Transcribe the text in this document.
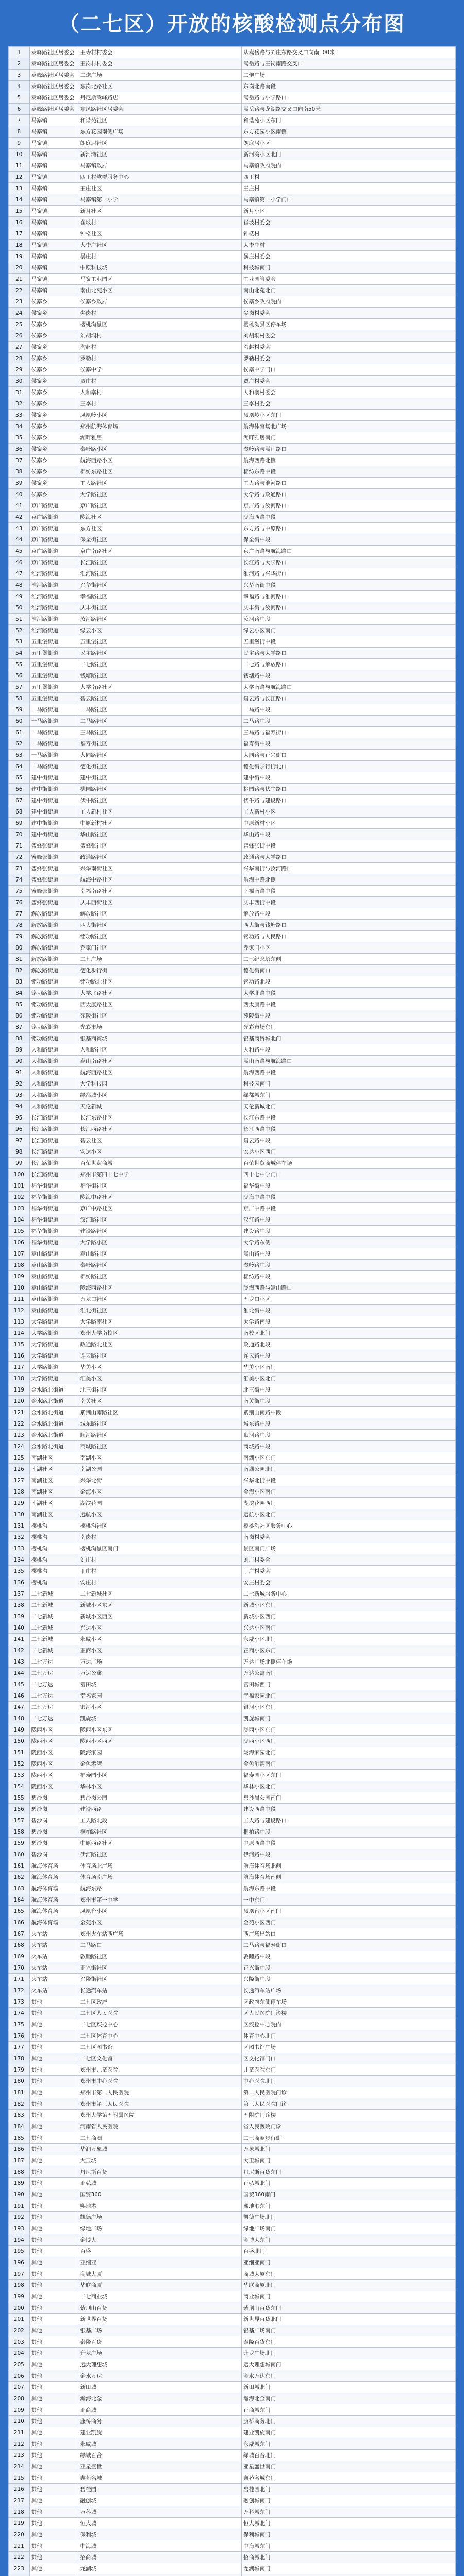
（二七区）开放的核酸检测点分布图
1	嵩峰路社区居委会	王寺村村委会	从嵩岳路与刘庄东路交叉口向南100米
2	嵩峰路社区居委会	王岗村村委会	嵩岳路与王岗南路交叉口
3	嵩峰路社区居委会	二炮广场	二炮广场
4	嵩峰路社区居委会	东岗北路社区	东岗北路南段
5	嵩峰路社区居委会	丹尼斯嵩峰路店	嵩岳路与小学路口
6	嵩峰路社区居委会	东风路社区居委会	嵩岳路与龙湖路交叉口向南50米
7	马寨镇	和谐苑社区	和谐苑小区东门
8	马寨镇	东方花园南侧广场	东方花园小区南侧
9	马寨镇	朗庭居社区	朗庭居小区
10	马寨镇	新河湾社区	新河湾小区北门
11	马寨镇	马寨镇政府	马寨镇政府院内
12	马寨镇	四王村党群服务中心	四王村
13	马寨镇	王庄社区	王庄村
14	马寨镇	马寨镇第一小学	马寨镇第一小学门口
15	马寨镇	新月社区	新月小区
16	马寨镇	崔坡村	崔坡村委会
17	马寨镇	钟楼社区	钟楼村
18	马寨镇	大李庄社区	大李庄村
19	马寨镇	暴庄村	暴庄村委会
20	马寨镇	中原科技城	科技城南门
21	马寨镇	马寨工业园区	工业园管委会
22	马寨镇	南山北苑小区	南山北苑北门
23	侯寨乡	侯寨乡政府	侯寨乡政府院内
24	侯寨乡	尖岗村	尖岗村委会
25	侯寨乡	樱桃沟景区	樱桃沟景区停车场
26	侯寨乡	刘胡垌村	刘胡垌村委会
27	侯寨乡	沟赵村	沟赵村委会
28	侯寨乡	罗勒村	罗勒村委会
29	侯寨乡	侯寨中学	侯寨中学门口
30	侯寨乡	贾庄村	贾庄村委会
31	侯寨乡	人和寨村	人和寨村委会
32	侯寨乡	三李村	三李村委会
33	侯寨乡	凤凰岭小区	凤凰岭小区东门
34	侯寨乡	郑州航海体育场	航海体育场北广场
35	侯寨乡	湖畔雅居	湖畔雅居南门
36	侯寨乡	秦岭路小区	秦岭路与嵩山路口
37	侯寨乡	航海西路小区	航海西路北侧
38	侯寨乡	棉纺东路社区	棉纺东路中段
39	侯寨乡	工人路社区	工人路与淮河路口
40	侯寨乡	大学路社区	大学路与政通路口
41	京广路街道	京广路社区	京广路与汝河路口
42	京广路街道	陇海社区	陇海西路中段
43	京广路街道	东方社区	东方路与中原路口
44	京广路街道	保全街社区	保全街中段
45	京广路街道	京广南路社区	京广南路与航海路口
46	京广路街道	长江路社区	长江路与大学路口
47	淮河路街道	淮河路社区	淮河路与兴华街口
48	淮河路街道	兴华街社区	兴华南街中段
49	淮河路街道	幸福路社区	幸福路与淮河路口
50	淮河路街道	庆丰街社区	庆丰街与汝河路口
51	淮河路街道	汝河路社区	汝河路中段
52	淮河路街道	绿云小区	绿云小区南门
53	五里堡街道	五里堡社区	五里堡街中段
54	五里堡街道	民主路社区	民主路与大学路口
55	五里堡街道	二七路社区	二七路与解放路口
56	五里堡街道	钱塘路社区	钱塘路中段
57	五里堡街道	大学南路社区	大学南路与航海路口
58	五里堡街道	碧云路社区	碧云路与长江路口
59	一马路街道	一马路社区	一马路中段
60	一马路街道	二马路社区	二马路中段
61	一马路街道	三马路社区	三马路与福寿街口
62	一马路街道	福寿街社区	福寿街中段
63	一马路街道	大同路社区	大同路与正兴街口
64	一马路街道	德化街社区	德化街步行街北口
65	建中街街道	建中街社区	建中街中段
66	建中街街道	桃园路社区	桃园路与伏牛路口
67	建中街街道	伏牛路社区	伏牛路与建设路口
68	建中街街道	工人新村社区	工人新村小区
69	建中街街道	中原新村社区	中原新村小区
70	建中街街道	华山路社区	华山路中段
71	蜜蜂张街道	蜜蜂张社区	蜜蜂张街中段
72	蜜蜂张街道	政通路社区	政通路与大学路口
73	蜜蜂张街道	兴华南街社区	兴华南街与汝河路口
74	蜜蜂张街道	航海中路社区	航海中路北侧
75	蜜蜂张街道	幸福南路社区	幸福南路中段
76	蜜蜂张街道	庆丰西街社区	庆丰西街中段
77	解放路街道	解放路社区	解放路中段
78	解放路街道	西大街社区	西大街与钱塘路口
79	解放路街道	铭功路社区	铭功路与人民路口
80	解放路街道	乔家门社区	乔家门小区
81	解放路街道	二七广场	二七纪念塔东侧
82	解放路街道	德化步行街	德化街南口
83	铭功路街道	铭功路北社区	铭功路北段
84	铭功路街道	大学北路社区	大学北路中段
85	铭功路街道	西太康路社区	西太康路中段
86	铭功路街道	苑陵街社区	苑陵街中段
87	铭功路街道	光彩市场	光彩市场东门
88	铭功路街道	银基商贸城	银基商贸城北门
89	人和路街道	人和路社区	人和路中段
90	人和路街道	嵩山南路社区	嵩山南路与航海路口
91	人和路街道	航海西路社区	航海西路中段
92	人和路街道	大学科技园	科技园南门
93	人和路街道	绿都城小区	绿都城东门
94	人和路街道	天伦新城	天伦新城北门
95	长江路街道	长江东路社区	长江东路中段
96	长江路街道	长江西路社区	长江西路中段
97	长江路街道	碧云社区	碧云路中段
98	长江路街道	宏达小区	宏达小区西门
99	长江路街道	百荣世贸商城	百荣世贸商城停车场
100	长江路街道	郑州市第四十七中学	四十七中学门口
101	福华街街道	福华街社区	福华街中段
102	福华街街道	陇海中路社区	陇海中路中段
103	福华街街道	京广中路社区	京广中路中段
104	福华街街道	汉江路社区	汉江路中段
105	福华街街道	建设路社区	建设路中段
106	福华街街道	大学路小区	大学路东侧
107	嵩山路街道	嵩山路社区	嵩山路中段
108	嵩山路街道	秦岭路社区	秦岭路中段
109	嵩山路街道	棉纺路社区	棉纺路中段
110	嵩山路街道	陇海西路社区	陇海西路与嵩山路口
111	嵩山路街道	五龙口社区	五龙口小区
112	嵩山路街道	淮北街社区	淮北街中段
113	大学路街道	大学路南社区	大学路南段
114	大学路街道	郑州大学南校区	南校区北门
115	大学路街道	政通路北社区	政通路北段
116	大学路街道	连云路社区	连云路中段
117	大学路街道	华美小区	华美小区南门
118	大学路街道	汇美小区	汇美小区北门
119	金水路北街道	北三街社区	北三街中段
120	金水路北街道	南关社区	南关街中段
121	金水路北街道	紫荆山南路社区	紫荆山南路中段
122	金水路北街道	城东路社区	城东路中段
123	金水路北街道	顺河路社区	顺河路中段
124	金水路北街道	商城路社区	商城路中段
125	南湖社区	南湖小区	南湖小区东门
126	南湖社区	南湖公园	南湖公园北门
127	南湖社区	兴华北街	兴华北街中段
128	南湖社区	金海小区	金海小区南门
129	南湖社区	湖滨花园	湖滨花园西门
130	南湖社区	远航小区	远航小区北门
131	樱桃沟	樱桃沟社区	樱桃沟社区服务中心
132	樱桃沟	南岗村	南岗村委会
133	樱桃沟	樱桃沟景区南门	景区南门广场
134	樱桃沟	刘庄村	刘庄村委会
135	樱桃沟	丁庄村	丁庄村委会
136	樱桃沟	安庄村	安庄村委会
137	二七新城	二七新城社区	二七新城服务中心
138	二七新城	新城小区东区	新城小区东门
139	二七新城	新城小区西区	新城小区西门
140	二七新城	兴达小区	兴达小区南门
141	二七新城	永威小区	永威小区北门
142	二七新城	正商小区	正商小区东门
143	二七万达	万达广场	万达广场北侧停车场
144	二七万达	万达公寓	万达公寓南门
145	二七万达	富田城	富田城西门
146	二七万达	幸福家园	幸福家园北门
147	二七万达	银河小区	银河小区东门
148	二七万达	凯旋城	凯旋城南门
149	陇西小区	陇西小区东区	陇西小区东门
150	陇西小区	陇西小区西区	陇西小区西门
151	陇西小区	陇海家园	陇海家园北门
152	陇西小区	金色港湾	金色港湾南门
153	陇西小区	福寿园小区	福寿园小区东门
154	陇西小区	华林小区	华林小区北门
155	碧沙岗	碧沙岗公园	碧沙岗公园南门
156	碧沙岗	建设西路	建设西路中段
157	碧沙岗	工人路北段	工人路与建设路口
158	碧沙岗	桐柏路社区	桐柏路中段
159	碧沙岗	中原西路社区	中原西路中段
160	碧沙岗	伊河路社区	伊河路中段
161	航海体育场	体育场北广场	航海体育场北侧
162	航海体育场	体育场南广场	航海体育场南侧
163	航海体育场	航海东路	航海东路中段
164	航海体育场	郑州市第一中学	一中东门
165	航海体育场	凤凰台小区	凤凰台小区南门
166	航海体育场	金苑小区	金苑小区西门
167	火车站	郑州火车站西广场	西广场出站口
168	火车站	二马路口	二马路与福寿街口
169	火车站	敦睦路社区	敦睦路中段
170	火车站	正兴街社区	正兴街中段
171	火车站	兴隆街社区	兴隆街中段
172	火车站	长途汽车站	长途汽车站广场
173	其他	二七区政府	区政府东侧停车场
174	其他	二七区人民医院	区人民医院门诊楼
175	其他	二七区疾控中心	区疾控中心院内
176	其他	二七区体育中心	体育中心北门
177	其他	二七区图书馆	区图书馆广场
178	其他	二七区文化馆	区文化馆门口
179	其他	郑州市儿童医院	儿童医院东门
180	其他	郑州市中心医院	中心医院北门
181	其他	郑州市第二人民医院	第二人民医院门诊
182	其他	郑州市第三人民医院	第三人民医院门诊
183	其他	郑州大学第五附属医院	五附院门诊楼
184	其他	河南省人民医院	省人民医院门诊
185	其他	二七商圈	二七商圈步行街
186	其他	华润万象城	万象城北门
187	其他	大卫城	大卫城南门
188	其他	丹尼斯百货	丹尼斯百货东门
189	其他	正弘城	正弘城北门
190	其他	国贸360	国贸360南门
191	其他	熙地港	熙地港东门
192	其他	凯德广场	凯德广场北门
193	其他	绿地广场	绿地广场南门
194	其他	金博大	金博大东门
195	其他	百盛	百盛北门
196	其他	亚细亚	亚细亚南门
197	其他	商城大厦	商城大厦东门
198	其他	华联商厦	华联商厦北门
199	其他	二七商业城	商业城南门
200	其他	紫荆山百货	紫荆山百货东门
201	其他	新世界百货	新世界百货北门
202	其他	银基广场	银基广场南门
203	其他	泰隆百货	泰隆百货东门
204	其他	升龙广场	升龙广场北门
205	其他	远大理想城	远大理想城南门
206	其他	金水万达	金水万达东门
207	其他	新田城	新田城北门
208	其他	瀚海北金	瀚海北金南门
209	其他	正商城	正商城东门
210	其他	康桥商务	康桥商务北门
211	其他	建业凯旋	建业凯旋南门
212	其他	永威城	永威城东门
213	其他	绿城百合	绿城百合北门
214	其他	亚星盛世	亚星盛世南门
215	其他	鑫苑名城	鑫苑名城东门
216	其他	碧桂园	碧桂园北门
217	其他	融创城	融创城南门
218	其他	万科城	万科城东门
219	其他	恒大城	恒大城北门
220	其他	保利城	保利城南门
221	其他	中海城	中海城东门
222	其他	招商城	招商城北门
223	其他	龙湖城	龙湖城南门
